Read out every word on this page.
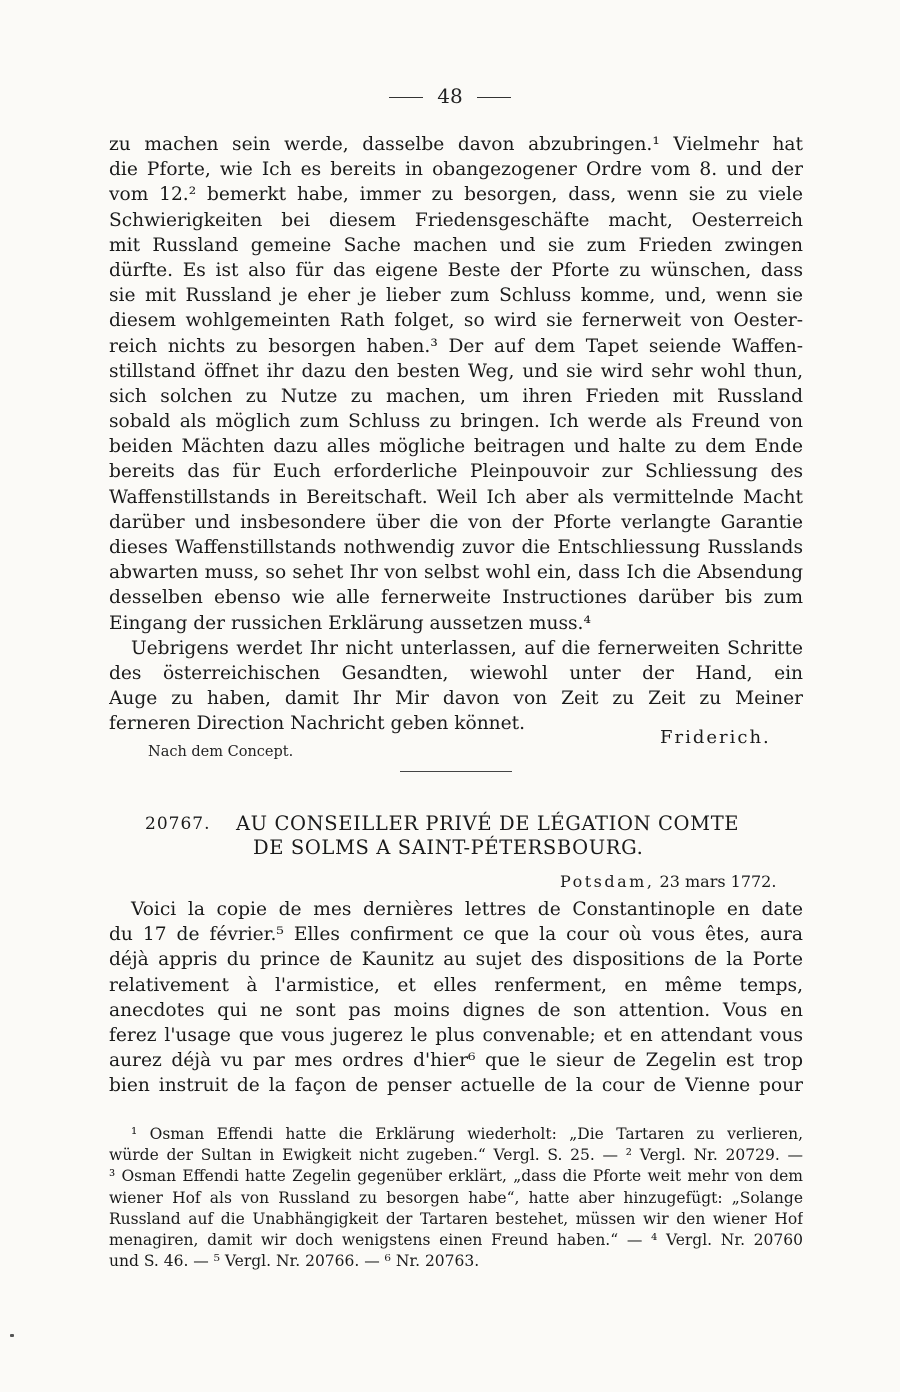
48
zu machen sein werde, dasselbe davon abzubringen.¹ Vielmehr hat
die Pforte, wie Ich es bereits in obangezogener Ordre vom 8. und der
vom 12.² bemerkt habe, immer zu besorgen, dass, wenn sie zu viele
Schwierigkeiten bei diesem Friedensgeschäfte macht, Oesterreich
mit Russland gemeine Sache machen und sie zum Frieden zwingen
dürfte. Es ist also für das eigene Beste der Pforte zu wünschen, dass
sie mit Russland je eher je lieber zum Schluss komme, und, wenn sie
diesem wohlgemeinten Rath folget, so wird sie fernerweit von Oester-
reich nichts zu besorgen haben.³ Der auf dem Tapet seiende Waffen-
stillstand öffnet ihr dazu den besten Weg, und sie wird sehr wohl thun,
sich solchen zu Nutze zu machen, um ihren Frieden mit Russland
sobald als möglich zum Schluss zu bringen. Ich werde als Freund von
beiden Mächten dazu alles mögliche beitragen und halte zu dem Ende
bereits das für Euch erforderliche Pleinpouvoir zur Schliessung des
Waffenstillstands in Bereitschaft. Weil Ich aber als vermittelnde Macht
darüber und insbesondere über die von der Pforte verlangte Garantie
dieses Waffenstillstands nothwendig zuvor die Entschliessung Russlands
abwarten muss, so sehet Ihr von selbst wohl ein, dass Ich die Absendung
desselben ebenso wie alle fernerweite Instructiones darüber bis zum
Eingang der russichen Erklärung aussetzen muss.⁴
Uebrigens werdet Ihr nicht unterlassen, auf die fernerweiten Schritte
des österreichischen Gesandten, wiewohl unter der Hand, ein
Auge zu haben, damit Ihr Mir davon von Zeit zu Zeit zu Meiner
ferneren Direction Nachricht geben könnet.
Friderich.
Nach dem Concept.
20767. AU CONSEILLER PRIVÉ DE LÉGATION COMTE
DE SOLMS A SAINT-PÉTERSBOURG.
Potsdam, 23 mars 1772.
Voici la copie de mes dernières lettres de Constantinople en date
du 17 de février.⁵ Elles confirment ce que la cour où vous êtes, aura
déjà appris du prince de Kaunitz au sujet des dispositions de la Porte
relativement à l'armistice, et elles renferment, en même temps,
anecdotes qui ne sont pas moins dignes de son attention. Vous en
ferez l'usage que vous jugerez le plus convenable; et en attendant vous
aurez déjà vu par mes ordres d'hier⁶ que le sieur de Zegelin est trop
bien instruit de la façon de penser actuelle de la cour de Vienne pour
¹ Osman Effendi hatte die Erklärung wiederholt: „Die Tartaren zu verlieren,
würde der Sultan in Ewigkeit nicht zugeben.“ Vergl. S. 25. — ² Vergl. Nr. 20729. —
³ Osman Effendi hatte Zegelin gegenüber erklärt, „dass die Pforte weit mehr von dem
wiener Hof als von Russland zu besorgen habe“, hatte aber hinzugefügt: „Solange
Russland auf die Unabhängigkeit der Tartaren bestehet, müssen wir den wiener Hof
menagiren, damit wir doch wenigstens einen Freund haben.“ — ⁴ Vergl. Nr. 20760
und S. 46. — ⁵ Vergl. Nr. 20766. — ⁶ Nr. 20763.
